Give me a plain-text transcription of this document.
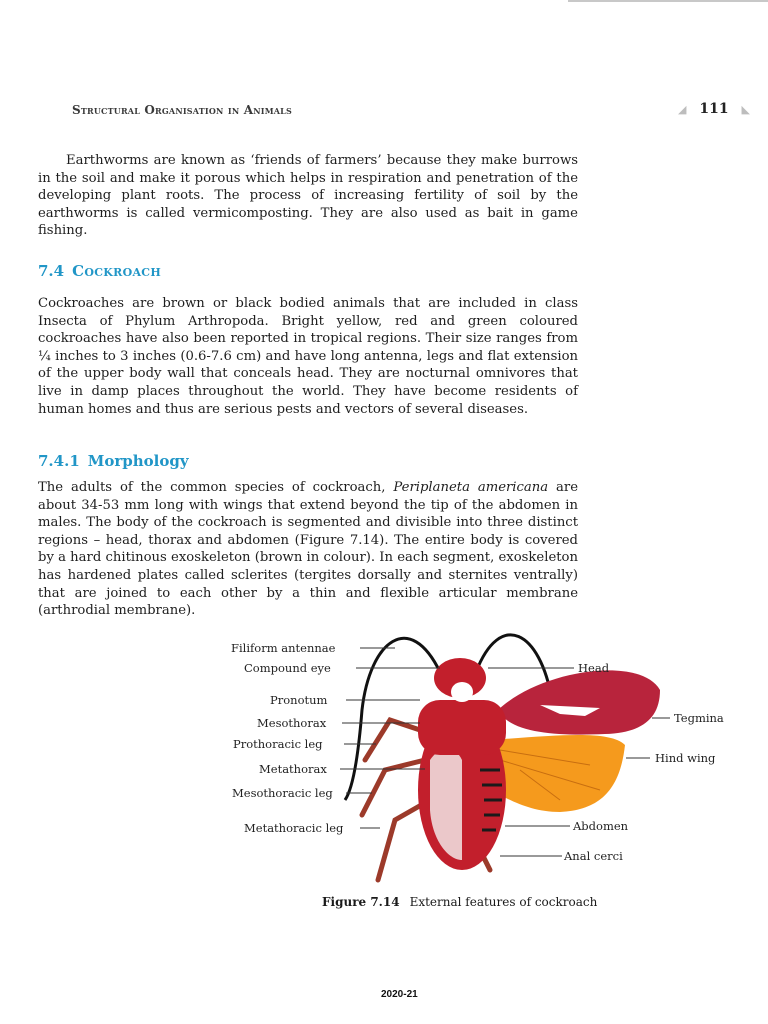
Structural Organisation in Animals	◢ 111 ◣

Earthworms are known as ‘friends of farmers’ because they make burrows in the soil and make it porous which helps in respiration and penetration of the developing plant roots. The process of increasing fertility of soil by the earthworms is called vermicomposting. They are also used as bait in game fishing.

7.4 Cockroach

Cockroaches are brown or black bodied animals that are included in class Insecta of Phylum Arthropoda. Bright yellow, red and green coloured cockroaches have also been reported in tropical regions. Their size ranges from ¼ inches to 3 inches (0.6-7.6 cm) and have long antenna, legs and flat extension of the upper body wall that conceals head. They are nocturnal omnivores that live in damp places throughout the world. They have become residents of human homes and thus are serious pests and vectors of several diseases.

7.4.1 Morphology

The adults of the common species of cockroach, Periplaneta americana are about 34-53 mm long with wings that extend beyond the tip of the abdomen in males. The body of the cockroach is segmented and divisible into three distinct regions – head, thorax and abdomen (Figure 7.14). The entire body is covered by a hard chitinous exoskeleton (brown in colour). In each segment, exoskeleton has hardened plates called sclerites (tergites dorsally and sternites ventrally) that are joined to each other by a thin and flexible articular membrane (arthrodial membrane).

Filiform antennae
Compound eye
Pronotum
Mesothorax
Prothoracic leg
Metathorax
Mesothoracic leg
Metathoracic leg
Head
Tegmina
Hind wing
Abdomen
Anal cerci
Figure 7.14 External features of cockroach
2020-21
